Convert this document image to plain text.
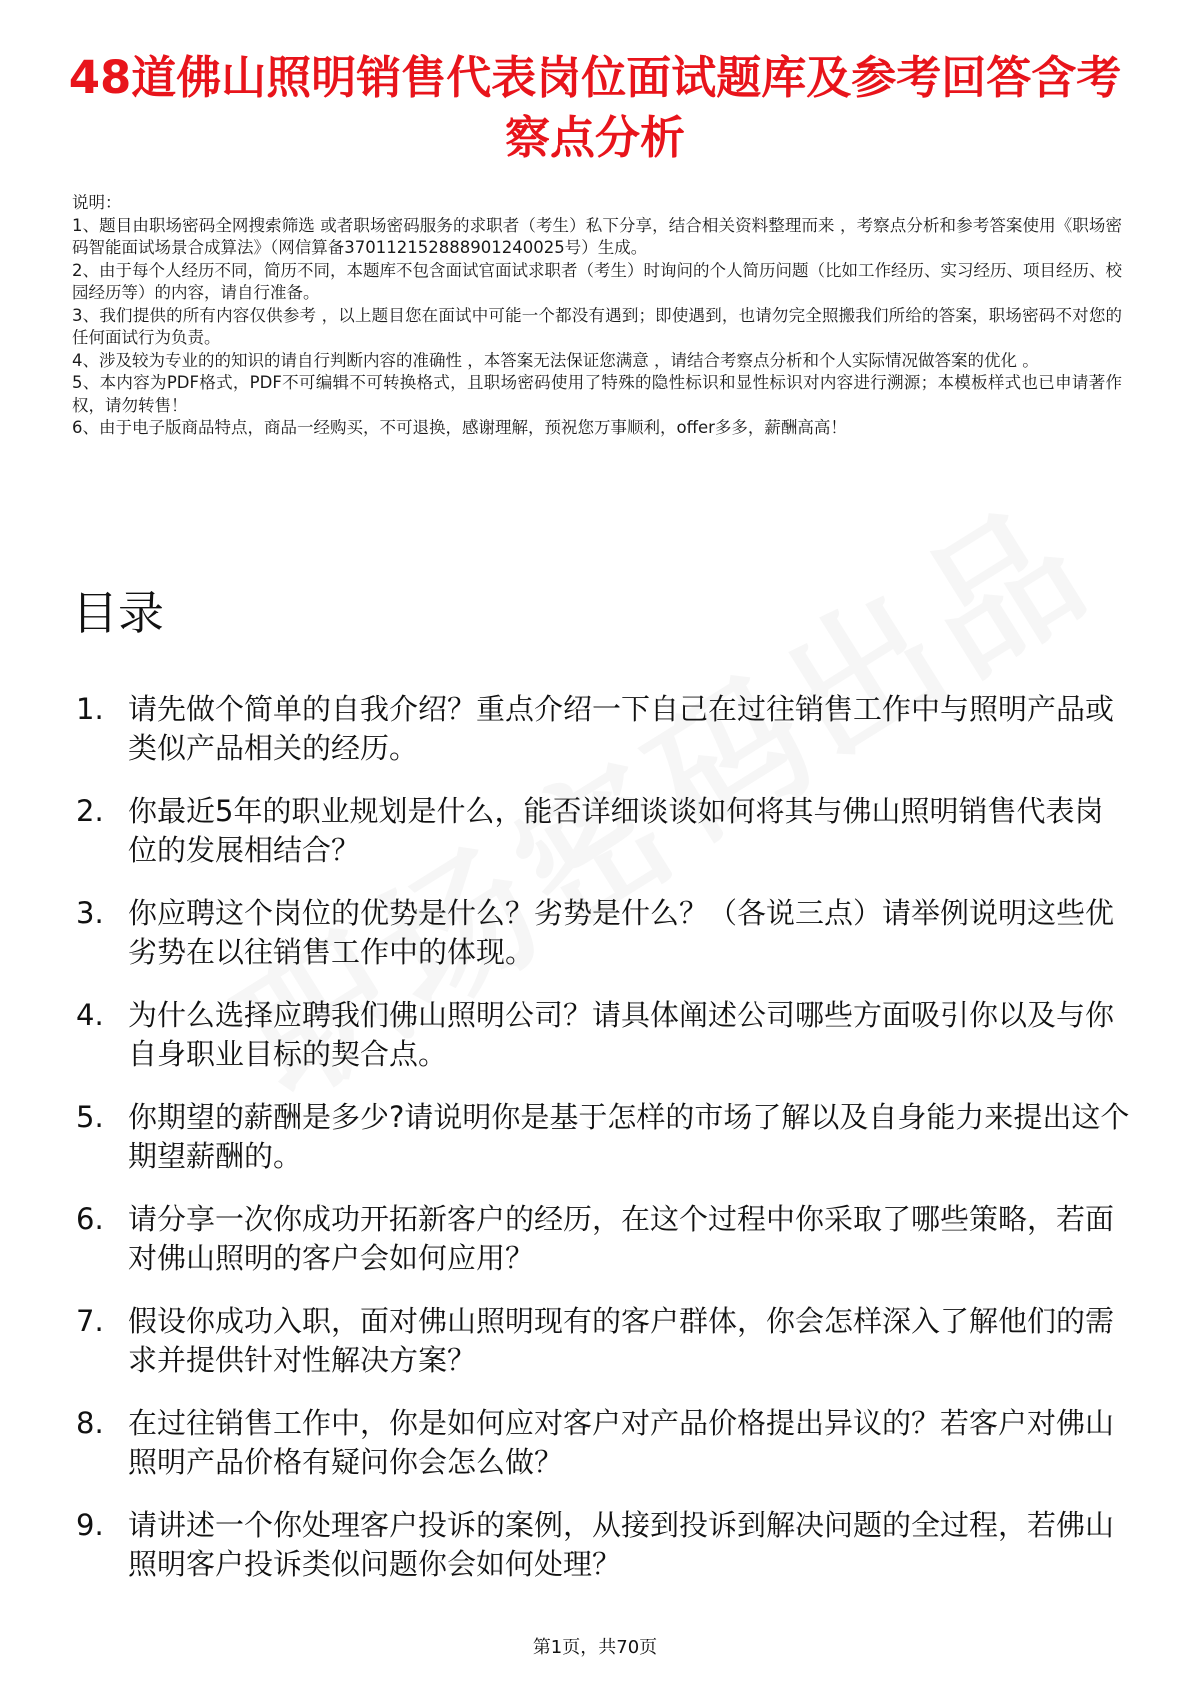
48道佛山照明销售代表岗位面试题库及参考回答含考察点分析
说明：
1、题目由职场密码全网搜索筛选 或者职场密码服务的求职者（考生）私下分享，结合相关资料整理而来 ，考察点分析和参考答案使用《职场密码智能面试场景合成算法》（网信算备370112152888901240025号）生成。
2、由于每个人经历不同，简历不同，本题库不包含面试官面试求职者（考生）时询问的个人简历问题（比如工作经历、实习经历、项目经历、校园经历等）的内容，请自行准备。
3、我们提供的所有内容仅供参考 ，以上题目您在面试中可能一个都没有遇到；即使遇到，也请勿完全照搬我们所给的答案，职场密码不对您的任何面试行为负责。
4、涉及较为专业的的知识的请自行判断内容的准确性 ，本答案无法保证您满意 ，请结合考察点分析和个人实际情况做答案的优化 。
5、本内容为PDF格式，PDF不可编辑不可转换格式，且职场密码使用了特殊的隐性标识和显性标识对内容进行溯源；本模板样式也已申请著作权，请勿转售！
6、由于电子版商品特点，商品一经购买，不可退换，感谢理解，预祝您万事顺利，offer多多，薪酬高高！
目录
1. 请先做个简单的自我介绍？重点介绍一下自己在过往销售工作中与照明产品或类似产品相关的经历。
2. 你最近5年的职业规划是什么，能否详细谈谈如何将其与佛山照明销售代表岗位的发展相结合？
3. 你应聘这个岗位的优势是什么？劣势是什么？（各说三点）请举例说明这些优劣势在以往销售工作中的体现。
4. 为什么选择应聘我们佛山照明公司？请具体阐述公司哪些方面吸引你以及与你自身职业目标的契合点。
5. 你期望的薪酬是多少?请说明你是基于怎样的市场了解以及自身能力来提出这个期望薪酬的。
6. 请分享一次你成功开拓新客户的经历，在这个过程中你采取了哪些策略，若面对佛山照明的客户会如何应用？
7. 假设你成功入职，面对佛山照明现有的客户群体，你会怎样深入了解他们的需求并提供针对性解决方案？
8. 在过往销售工作中，你是如何应对客户对产品价格提出异议的？若客户对佛山照明产品价格有疑问你会怎么做？
9. 请讲述一个你处理客户投诉的案例，从接到投诉到解决问题的全过程，若佛山照明客户投诉类似问题你会如何处理？
第1页，共70页
